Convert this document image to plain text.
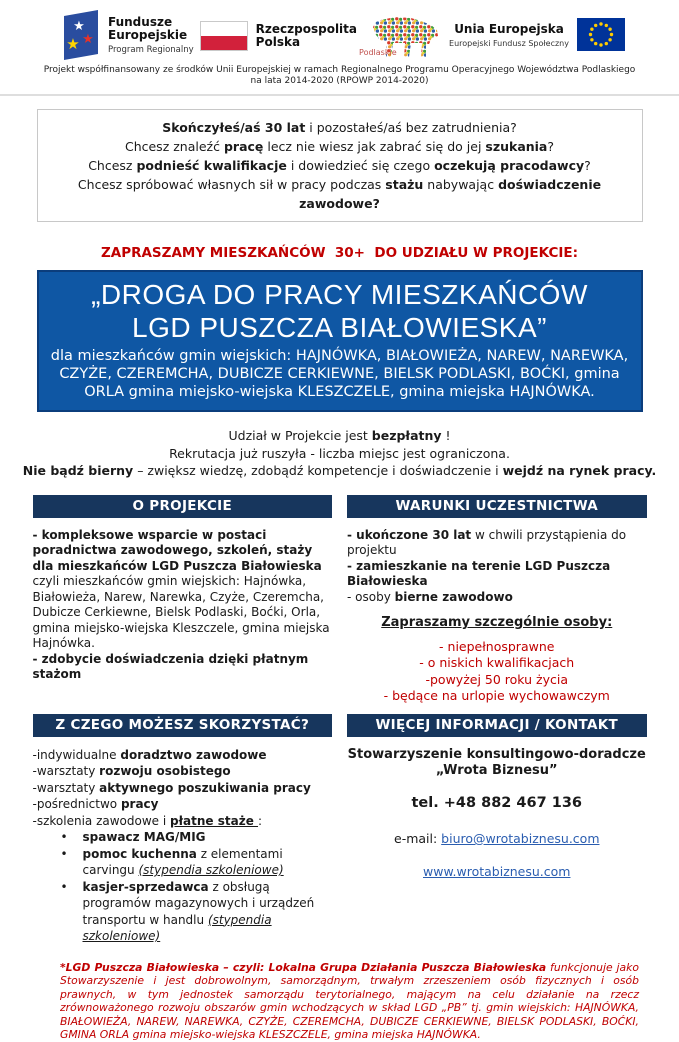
★
★ ★
Fundusze
Europejskie
Program Regionalny
Rzeczpospolita
Polska
Podlaskie
Unia Europejska
Europejski Fundusz Społeczny
Projekt współfinansowany ze środków Unii Europejskiej w ramach Regionalnego Programu Operacyjnego Województwa Podlaskiego
na lata 2014-2020 (RPOWP 2014-2020)
Skończyłeś/aś 30 lat i pozostałeś/aś bez zatrudnienia?
Chcesz znaleźć pracę lecz nie wiesz jak zabrać się do jej szukania?
Chcesz podnieść kwalifikacje i dowiedzieć się czego oczekują pracodawcy?
Chcesz spróbować własnych sił w pracy podczas stażu nabywając doświadczenie zawodowe?
ZAPRASZAMY MIESZKAŃCÓW  30+  DO UDZIAŁU W PROJEKCIE:
„DROGA DO PRACY MIESZKAŃCÓW
LGD PUSZCZA BIAŁOWIESKA”
dla mieszkańców gmin wiejskich: HAJNÓWKA, BIAŁOWIEŻA, NAREW, NAREWKA, CZYŻE, CZEREMCHA, DUBICZE CERKIEWNE, BIELSK PODLASKI, BOĆKI, gmina ORLA gmina miejsko-wiejska KLESZCZELE, gmina miejska HAJNÓWKA.
Udział w Projekcie jest bezpłatny !
Rekrutacja już ruszyła - liczba miejsc jest ograniczona.
Nie bądź bierny – zwiększ wiedzę, zdobądź kompetencje i doświadczenie i wejdź na rynek pracy.
O PROJEKCIE
- kompleksowe wsparcie w postaci poradnictwa zawodowego, szkoleń, staży dla mieszkańców LGD Puszcza Białowieska czyli mieszkańców gmin wiejskich: Hajnówka, Białowieża, Narew, Narewka, Czyże, Czeremcha, Dubicze Cerkiewne, Bielsk Podlaski, Boćki, Orla, gmina miejsko-wiejska Kleszczele, gmina miejska Hajnówka.
- zdobycie doświadczenia dzięki płatnym stażom
WARUNKI UCZESTNICTWA
- ukończone 30 lat w chwili przystąpienia do projektu
- zamieszkanie na terenie LGD Puszcza Białowieska
- osoby bierne zawodowo
Zapraszamy szczególnie osoby:
- niepełnosprawne
- o niskich kwalifikacjach
-powyżej 50 roku życia
- będące na urlopie wychowawczym
Z CZEGO MOŻESZ SKORZYSTAĆ?
-indywidualne doradztwo zawodowe
-warsztaty rozwoju osobistego
-warsztaty aktywnego poszukiwania pracy
-pośrednictwo pracy
-szkolenia zawodowe i płatne staże :
• spawacz MAG/MIG
• pomoc kuchenna z elementami carvingu (stypendia szkoleniowe)
• kasjer-sprzedawca z obsługą programów magazynowych i urządzeń transportu w handlu (stypendia szkoleniowe)
WIĘCEJ INFORMACJI / KONTAKT
Stowarzyszenie konsultingowo-doradcze
„Wrota Biznesu”
tel. +48 882 467 136
e-mail: biuro@wrotabiznesu.com
www.wrotabiznesu.com
*LGD Puszcza Białowieska – czyli: Lokalna Grupa Działania Puszcza Białowieska funkcjonuje jako Stowarzyszenie i jest dobrowolnym, samorządnym, trwałym zrzeszeniem osób fizycznych i osób prawnych, w tym jednostek samorządu terytorialnego, mającym na celu działanie na rzecz zrównoważonego rozwoju obszarów gmin wchodzących w skład LGD „PB” tj. gmin wiejskich: HAJNÓWKA, BIAŁOWIEŻA, NAREW, NAREWKA, CZYŻE, CZEREMCHA, DUBICZE CERKIEWNE, BIELSK PODLASKI, BOĆKI, GMINA ORLA gmina miejsko-wiejska KLESZCZELE, gmina miejska HAJNÓWKA.
